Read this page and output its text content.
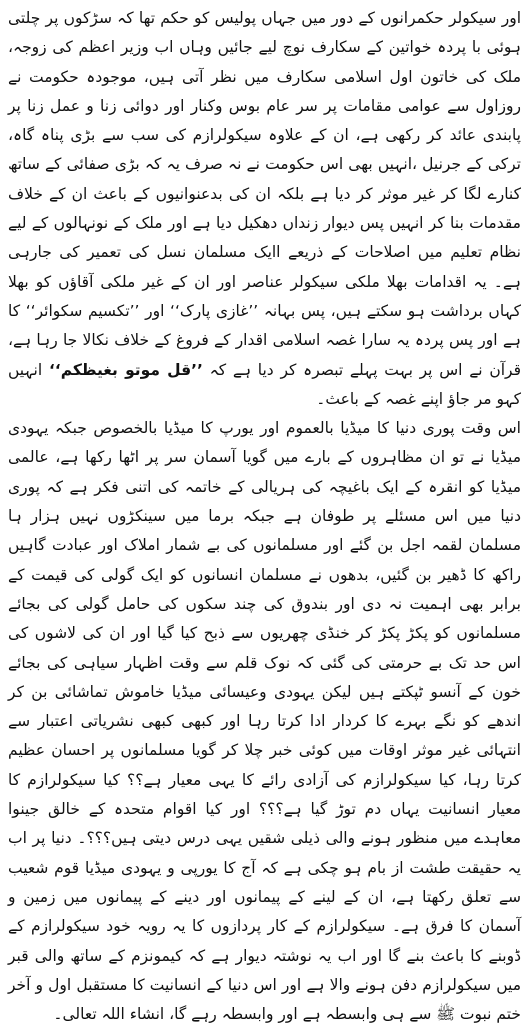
اور سیکولر حکمرانوں کے دور میں جہاں پولیس کو حکم تھا کہ سڑکوں پر چلتی ہوئی با پردہ خواتین کے سکارف نوچ لیے جائیں وہاں اب وزیر اعظم کی زوجہ، ملک کی خاتون اول اسلامی سکارف میں نظر آتی ہیں، موجودہ حکومت نے روزاول سے عوامی مقامات پر سر عام بوس وکنار اور دوائی زنا و عمل زنا پر پابندی عائد کر رکھی ہے، ان کے علاوہ سیکولرازم کی سب سے بڑی پناہ گاہ، ترکی کے جرنیل ،انہیں بھی اس حکومت نے نہ صرف یہ کہ بڑی صفائی کے ساتھ کنارے لگا کر غیر موثر کر دیا ہے بلکہ ان کی بدعنوانیوں کے باعث ان کے خلاف مقدمات بنا کر انہیں پس دیوار زنداں دھکیل دیا ہے اور ملک کے نونہالوں کے لیے نظام تعلیم میں اصلاحات کے ذریعے اایک مسلمان نسل کی تعمیر کی جارہی ہے۔ یہ اقدامات بھلا ملکی سیکولر عناصر اور ان کے غیر ملکی آقاؤں کو بھلا کہاں برداشت ہو سکتے ہیں، پس بہانہ ’’غازی پارک‘‘ اور ’’تکسیم سکوائر‘‘ کا ہے اور پس پردہ یہ سارا غصہ اسلامی اقدار کے فروغ کے خلاف نکالا جا رہا ہے، قرآن نے اس پر بہت پہلے تبصرہ کر دیا ہے کہ ’’قل موتو بغیظکم‘‘ انہیں کہو مر جاؤ اپنے غصہ کے باعث۔

اس وقت پوری دنیا کا میڈیا بالعموم اور یورپ کا میڈیا بالخصوص جبکہ یہودی میڈیا نے تو ان مظاہروں کے بارے میں گویا آسمان سر پر اٹھا رکھا ہے، عالمی میڈیا کو انقرہ کے ایک باغیچہ کی ہریالی کے خاتمہ کی اتنی فکر ہے کہ پوری دنیا میں اس مسئلے پر طوفان ہے جبکہ برما میں سینکڑوں نہیں ہزار ہا مسلمان لقمہ اجل بن گئے اور مسلمانوں کی بے شمار املاک اور عبادت گاہیں راکھ کا ڈھیر بن گئیں، بدھوں نے مسلمان انسانوں کو ایک گولی کی قیمت کے برابر بھی اہمیت نہ دی اور بندوق کی چند سکوں کی حامل گولی کی بجائے مسلمانوں کو پکڑ پکڑ کر خنڈی چھریوں سے ذبح کیا گیا اور ان کی لاشوں کی اس حد تک بے حرمتی کی گئی کہ نوک قلم سے وقت اظہار سیاہی کی بجائے خون کے آنسو ٹپکتے ہیں لیکن یہودی وعیسائی میڈیا خاموش تماشائی بن کر اندھے کو نگے بہرے کا کردار ادا کرتا رہا اور کبھی کبھی نشریاتی اعتبار سے انتہائی غیر موثر اوقات میں کوئی خبر چلا کر گویا مسلمانوں پر احسان عظیم کرتا رہا، کیا سیکولرازم کی آزادی رائے کا یہی معیار ہے؟؟ کیا سیکولرازم کا معیار انسانیت یہاں دم توڑ گیا ہے؟؟؟ اور کیا اقوام متحدہ کے خالق جینوا معاہدے میں منظور ہونے والی ذیلی شقیں یہی درس دیتی ہیں؟؟؟۔ دنیا پر اب یہ حقیقت طشت از بام ہو چکی ہے کہ آج کا یورپی و یہودی میڈیا قوم شعیب سے تعلق رکھتا ہے، ان کے لینے کے پیمانوں اور دینے کے پیمانوں میں زمین و آسمان کا فرق ہے۔ سیکولرازم کے کار پردازوں کا یہ رویہ خود سیکولرازم کے ڈوبنے کا باعث بنے گا اور اب یہ نوشتہ دیوار ہے کہ کیمونزم کے ساتھ والی قبر میں سیکولرازم دفن ہونے والا ہے اور اس دنیا کے انسانیت کا مستقبل اول و آخر ختم نبوت ﷺ سے ہی وابسطہ ہے اور وابسطہ رہے گا، انشاء اللہ تعالی۔
